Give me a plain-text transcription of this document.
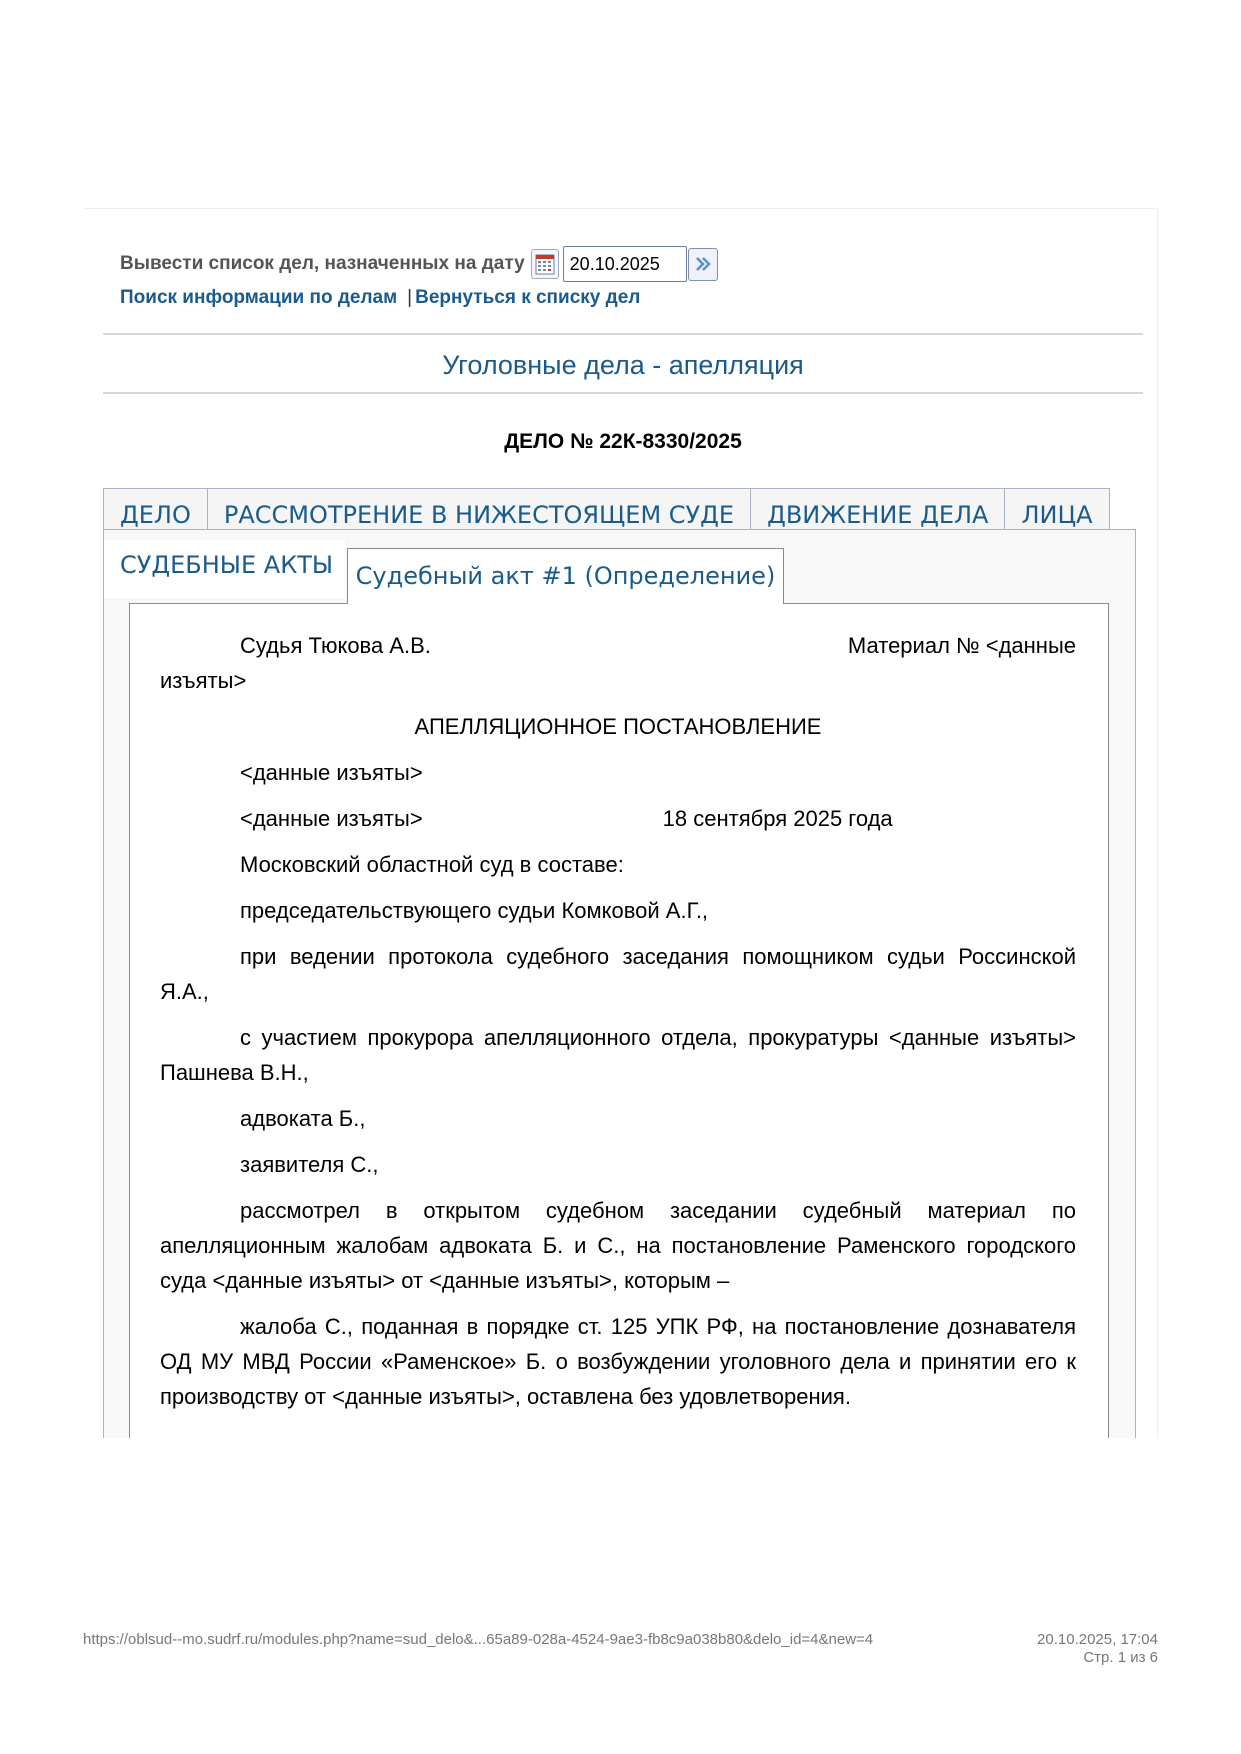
Вывести список дел, назначенных на дату
20.10.2025
Поиск информации по делам | Вернуться к списку дел
Уголовные дела - апелляция
ДЕЛО № 22К-8330/2025
ДЕЛО	РАССМОТРЕНИЕ В НИЖЕСТОЯЩЕМ СУДЕ	ДВИЖЕНИЕ ДЕЛА	ЛИЦА
СУДЕБНЫЕ АКТЫ Судебный акт #1 (Определение)

Судья Тюкова А.В.	Материал № <данные

изъяты>

АПЕЛЛЯЦИОННОЕ ПОСТАНОВЛЕНИЕ

<данные изъяты>

<данные изъяты>	18 сентября 2025 года

Московский областной суд в составе:

председательствующего судьи Комковой А.Г.,

при ведении протокола судебного заседания помощником судьи Россинской Я.А.,

с участием прокурора апелляционного отдела, прокуратуры <данные изъяты> Пашнева В.Н.,

адвоката Б.,

заявителя С.,

рассмотрел в открытом судебном заседании судебный материал по апелляционным жалобам адвоката Б. и С., на постановление Раменского городского суда <данные изъяты> от <данные изъяты>, которым –

жалоба С., поданная в порядке ст. 125 УПК РФ, на постановление дознавателя ОД МУ МВД России «Раменское» Б. о возбуждении уголовного дела и принятии его к производству от <данные изъяты>, оставлена без удовлетворения.

https://oblsud--mo.sudrf.ru/modules.php?name=sud_delo&...65a89-028a-4524-9ae3-fb8c9a038b80&delo_id=4&new=4	20.10.2025, 17:04
Стр. 1 из 6
